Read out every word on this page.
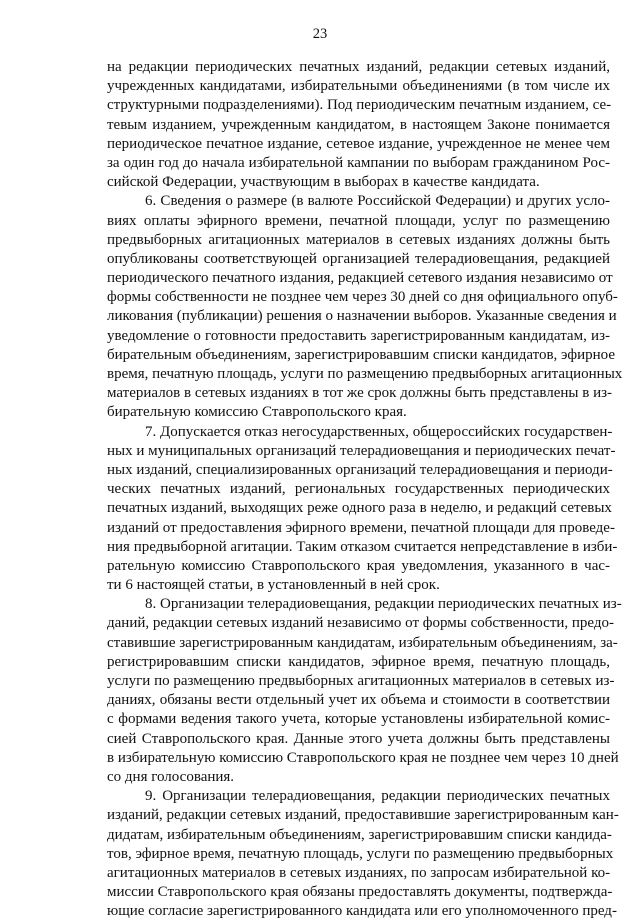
23
на редакции периодических печатных изданий, редакции сетевых изданий,
учрежденных кандидатами, избирательными объединениями (в том числе их
структурными подразделениями). Под периодическим печатным изданием, се-
тевым изданием, учрежденным кандидатом, в настоящем Законе понимается
периодическое печатное издание, сетевое издание, учрежденное не менее чем
за один год до начала избирательной кампании по выборам гражданином Рос-
сийской Федерации, участвующим в выборах в качестве кандидата.
6. Сведения о размере (в валюте Российской Федерации) и других усло-
виях оплаты эфирного времени, печатной площади, услуг по размещению
предвыборных агитационных материалов в сетевых изданиях должны быть
опубликованы соответствующей организацией телерадиовещания, редакцией
периодического печатного издания, редакцией сетевого издания независимо от
формы собственности не позднее чем через 30 дней со дня официального опуб-
ликования (публикации) решения о назначении выборов. Указанные сведения и
уведомление о готовности предоставить зарегистрированным кандидатам, из-
бирательным объединениям, зарегистрировавшим списки кандидатов, эфирное
время, печатную площадь, услуги по размещению предвыборных агитационных
материалов в сетевых изданиях в тот же срок должны быть представлены в из-
бирательную комиссию Ставропольского края.
7. Допускается отказ негосударственных, общероссийских государствен-
ных и муниципальных организаций телерадиовещания и периодических печат-
ных изданий, специализированных организаций телерадиовещания и периоди-
ческих печатных изданий, региональных государственных периодических
печатных изданий, выходящих реже одного раза в неделю, и редакций сетевых
изданий от предоставления эфирного времени, печатной площади для проведе-
ния предвыборной агитации. Таким отказом считается непредставление в изби-
рательную комиссию Ставропольского края уведомления, указанного в час-
ти 6 настоящей статьи, в установленный в ней срок.
8. Организации телерадиовещания, редакции периодических печатных из-
даний, редакции сетевых изданий независимо от формы собственности, предо-
ставившие зарегистрированным кандидатам, избирательным объединениям, за-
регистрировавшим списки кандидатов, эфирное время, печатную площадь,
услуги по размещению предвыборных агитационных материалов в сетевых из-
даниях, обязаны вести отдельный учет их объема и стоимости в соответствии
с формами ведения такого учета, которые установлены избирательной комис-
сией Ставропольского края. Данные этого учета должны быть представлены
в избирательную комиссию Ставропольского края не позднее чем через 10 дней
со дня голосования.
9. Организации телерадиовещания, редакции периодических печатных
изданий, редакции сетевых изданий, предоставившие зарегистрированным кан-
дидатам, избирательным объединениям, зарегистрировавшим списки кандида-
тов, эфирное время, печатную площадь, услуги по размещению предвыборных
агитационных материалов в сетевых изданиях, по запросам избирательной ко-
миссии Ставропольского края обязаны предоставлять документы, подтвержда-
ющие согласие зарегистрированного кандидата или его уполномоченного пред-
